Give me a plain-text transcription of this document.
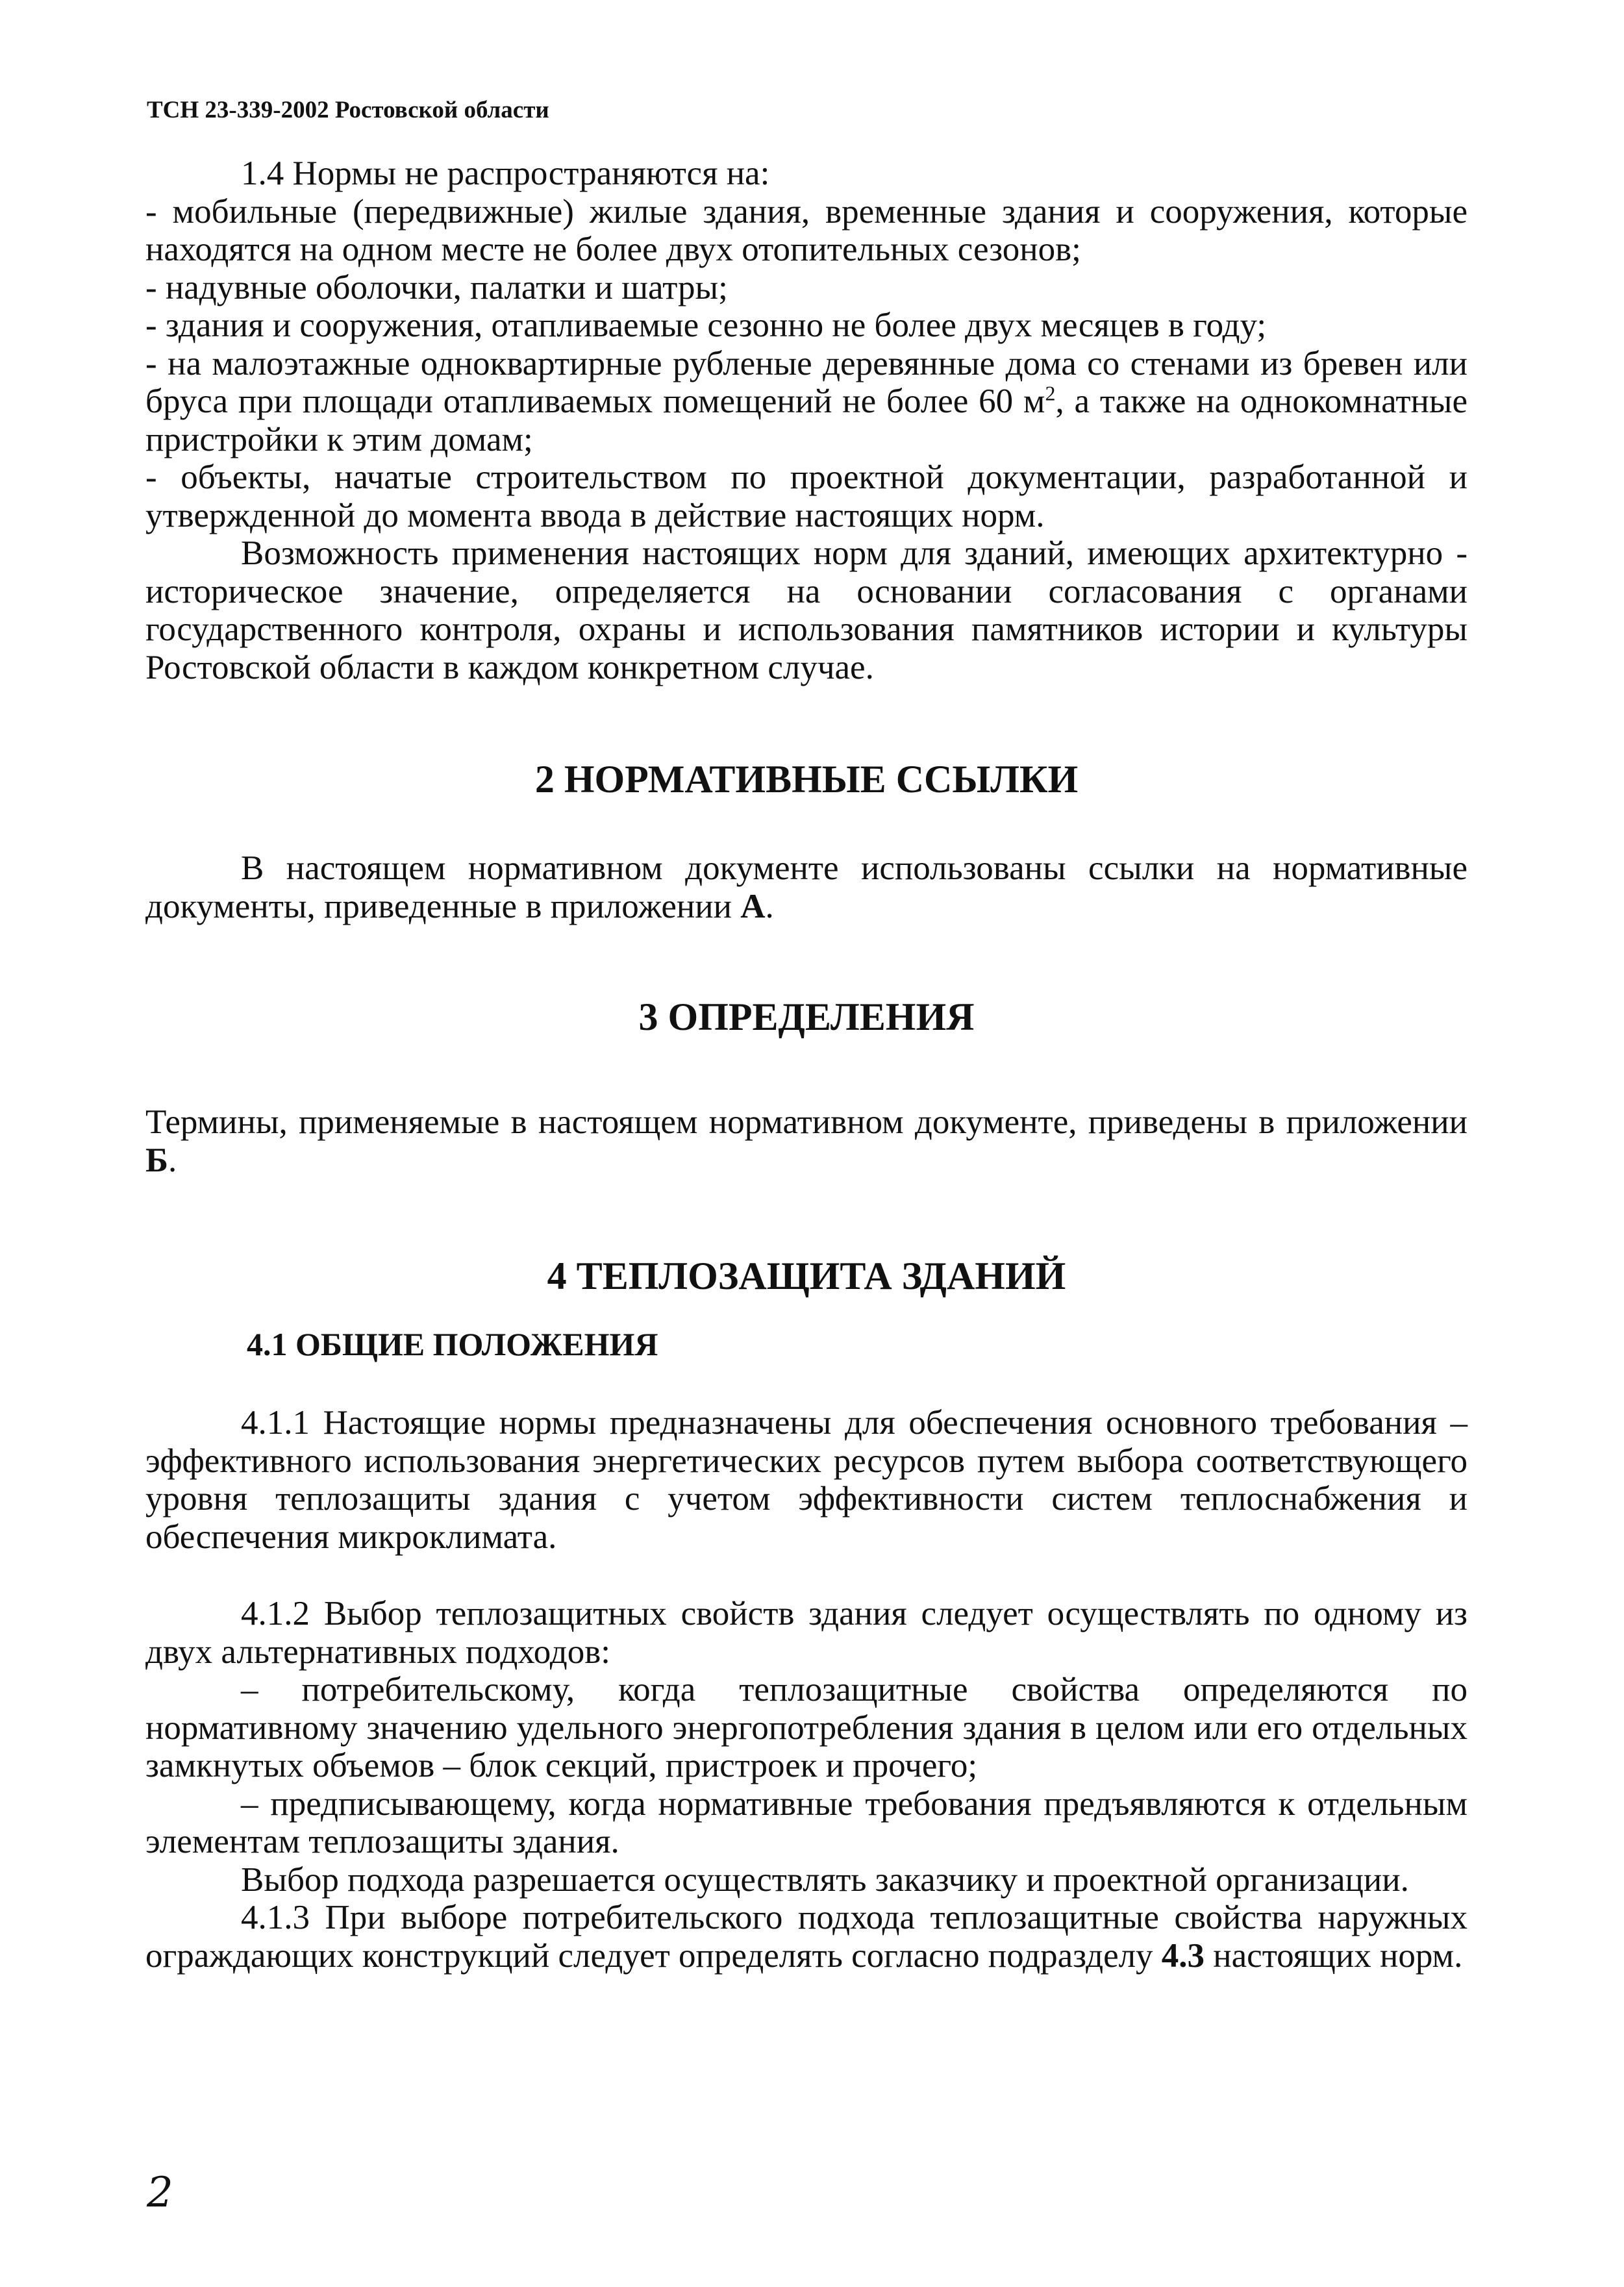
ТСН 23-339-2002 Ростовской области

1.4 Нормы не распространяются на:

- мобильные (передвижные) жилые здания, временные здания и сооружения, которые находятся на одном месте не более двух отопительных сезонов;

- надувные оболочки, палатки и шатры;

- здания и сооружения, отапливаемые сезонно не более двух месяцев в году;

- на малоэтажные одноквартирные рубленые деревянные дома со стенами из бревен или бруса при площади отапливаемых помещений не более 60 $м^2$, а также на однокомнатные пристройки к этим домам;

- объекты, начатые строительством по проектной документации, разработанной и утвержденной до момента ввода в действие настоящих норм.

Возможность применения настоящих норм для зданий, имеющих архитектурно - историческое значение, определяется на основании согласования с органами государственного контроля, охраны и использования памятников истории и культуры Ростовской области в каждом конкретном случае.

2 НОРМАТИВНЫЕ ССЫЛКИ

В настоящем нормативном документе использованы ссылки на нормативные документы, приведенные в приложении А.

3 ОПРЕДЕЛЕНИЯ

Термины, применяемые в настоящем нормативном документе, приведены в приложении Б.

4 ТЕПЛОЗАЩИТА ЗДАНИЙ

4.1 ОБЩИЕ ПОЛОЖЕНИЯ

4.1.1 Настоящие нормы предназначены для обеспечения основного требования – эффективного использования энергетических ресурсов путем выбора соответствующего уровня теплозащиты здания с учетом эффективности систем теплоснабжения и обеспечения микроклимата.

4.1.2 Выбор теплозащитных свойств здания следует осуществлять по одному из двух альтернативных подходов:

– потребительскому, когда теплозащитные свойства определяются по нормативному значению удельного энергопотребления здания в целом или его отдельных замкнутых объемов – блок секций, пристроек и прочего;

– предписывающему, когда нормативные требования предъявляются к отдельным элементам теплозащиты здания.

Выбор подхода разрешается осуществлять заказчику и проектной организации.

4.1.3 При выборе потребительского подхода теплозащитные свойства наружных ограждающих конструкций следует определять согласно подразделу 4.3 настоящих норм.

2
